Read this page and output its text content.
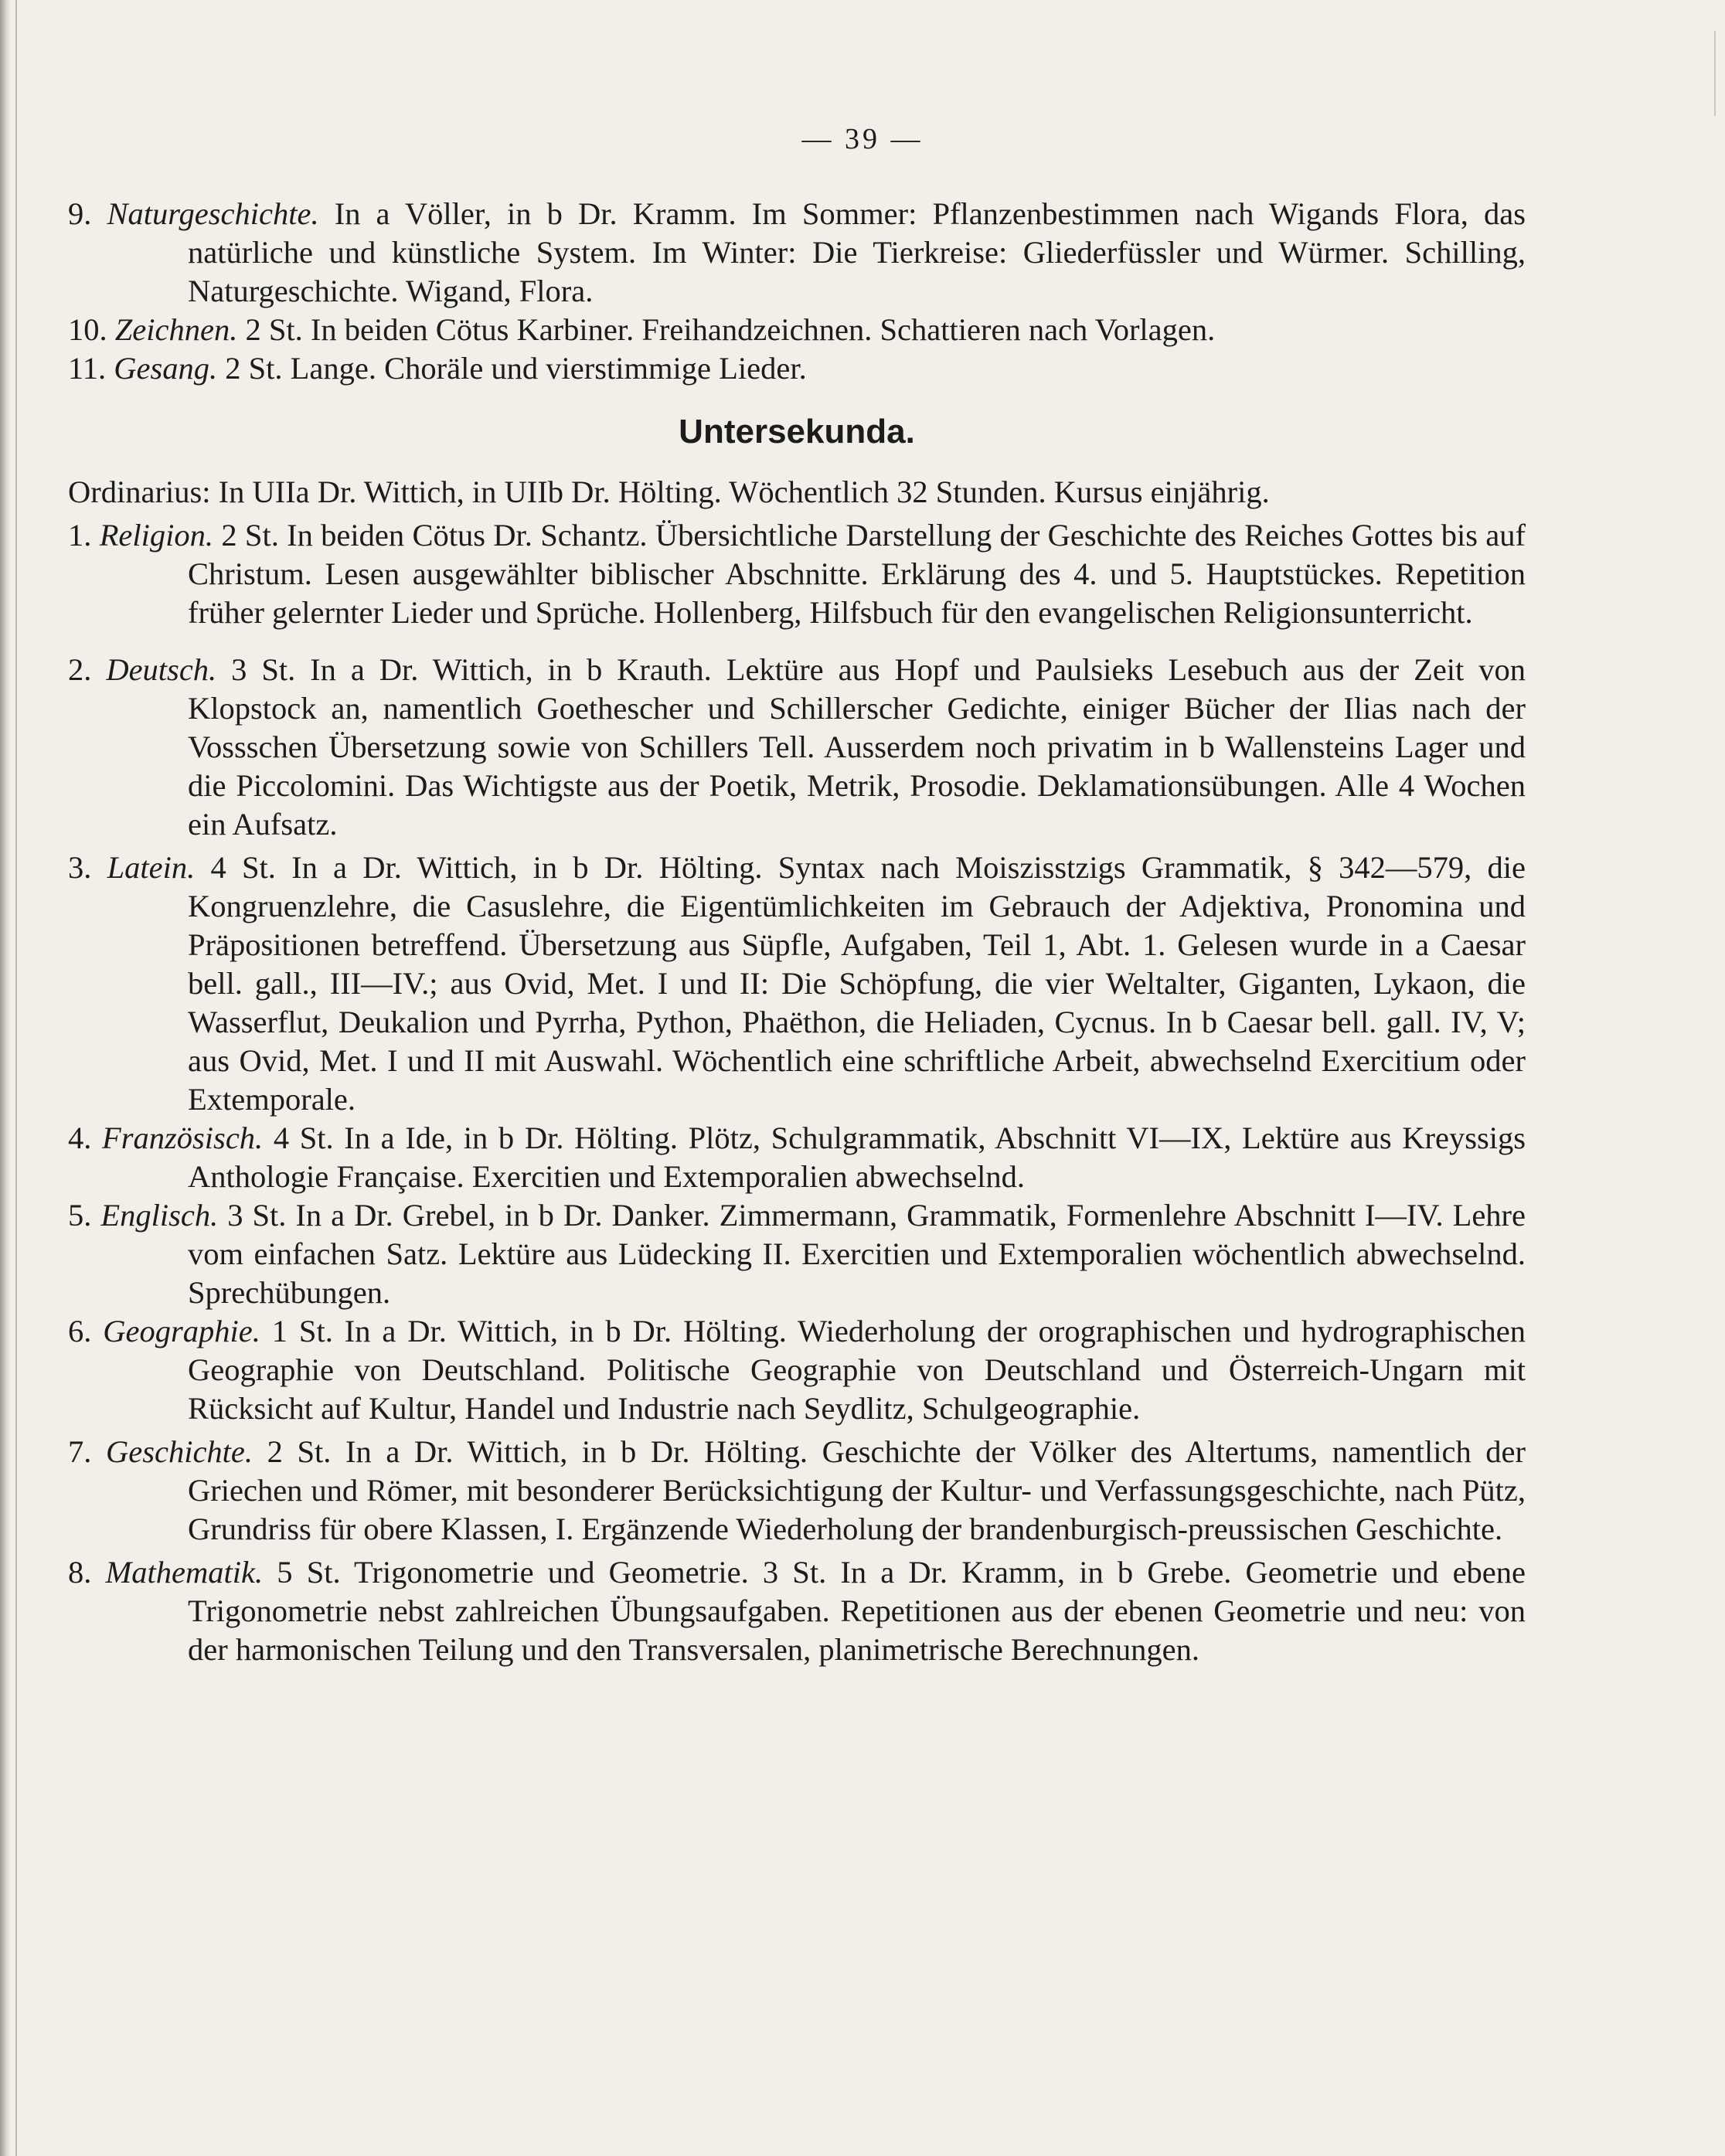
— 39 —

9. Naturgeschichte. In a Völler, in b Dr. Kramm. Im Sommer: Pflanzenbestimmen nach Wigands Flora, das natürliche und künstliche System. Im Winter: Die Tierkreise: Gliederfüssler und Würmer. Schilling, Naturgeschichte. Wigand, Flora.

10. Zeichnen. 2 St. In beiden Cötus Karbiner. Freihandzeichnen. Schattieren nach Vorlagen.

11. Gesang. 2 St. Lange. Choräle und vierstimmige Lieder.

Untersekunda.

Ordinarius: In UIIa Dr. Wittich, in UIIb Dr. Hölting. Wöchentlich 32 Stunden. Kursus einjährig.

1. Religion. 2 St. In beiden Cötus Dr. Schantz. Übersichtliche Darstellung der Geschichte des Reiches Gottes bis auf Christum. Lesen ausgewählter biblischer Abschnitte. Erklärung des 4. und 5. Hauptstückes. Repetition früher gelernter Lieder und Sprüche. Hollenberg, Hilfsbuch für den evangelischen Religionsunterricht.

2. Deutsch. 3 St. In a Dr. Wittich, in b Krauth. Lektüre aus Hopf und Paulsieks Lesebuch aus der Zeit von Klopstock an, namentlich Goethescher und Schillerscher Gedichte, einiger Bücher der Ilias nach der Vossschen Übersetzung sowie von Schillers Tell. Ausserdem noch privatim in b Wallensteins Lager und die Piccolomini. Das Wichtigste aus der Poetik, Metrik, Prosodie. Deklamationsübungen. Alle 4 Wochen ein Aufsatz.

3. Latein. 4 St. In a Dr. Wittich, in b Dr. Hölting. Syntax nach Moiszisstzigs Grammatik, § 342—579, die Kongruenzlehre, die Casuslehre, die Eigentümlichkeiten im Gebrauch der Adjektiva, Pronomina und Präpositionen betreffend. Übersetzung aus Süpfle, Aufgaben, Teil 1, Abt. 1. Gelesen wurde in a Caesar bell. gall., III—IV.; aus Ovid, Met. I und II: Die Schöpfung, die vier Weltalter, Giganten, Lykaon, die Wasserflut, Deukalion und Pyrrha, Python, Phaëthon, die Heliaden, Cycnus. In b Caesar bell. gall. IV, V; aus Ovid, Met. I und II mit Auswahl. Wöchentlich eine schriftliche Arbeit, abwechselnd Exercitium oder Extemporale.

4. Französisch. 4 St. In a Ide, in b Dr. Hölting. Plötz, Schulgrammatik, Abschnitt VI—IX, Lektüre aus Kreyssigs Anthologie Française. Exercitien und Extemporalien abwechselnd.

5. Englisch. 3 St. In a Dr. Grebel, in b Dr. Danker. Zimmermann, Grammatik, Formenlehre Abschnitt I—IV. Lehre vom einfachen Satz. Lektüre aus Lüdecking II. Exercitien und Extemporalien wöchentlich abwechselnd. Sprechübungen.

6. Geographie. 1 St. In a Dr. Wittich, in b Dr. Hölting. Wiederholung der orographischen und hydrographischen Geographie von Deutschland. Politische Geographie von Deutschland und Österreich-Ungarn mit Rücksicht auf Kultur, Handel und Industrie nach Seydlitz, Schulgeographie.

7. Geschichte. 2 St. In a Dr. Wittich, in b Dr. Hölting. Geschichte der Völker des Altertums, namentlich der Griechen und Römer, mit besonderer Berücksichtigung der Kultur- und Verfassungsgeschichte, nach Pütz, Grundriss für obere Klassen, I. Ergänzende Wiederholung der brandenburgisch-preussischen Geschichte.

8. Mathematik. 5 St. Trigonometrie und Geometrie. 3 St. In a Dr. Kramm, in b Grebe. Geometrie und ebene Trigonometrie nebst zahlreichen Übungsaufgaben. Repetitionen aus der ebenen Geometrie und neu: von der harmonischen Teilung und den Transversalen, planimetrische Berechnungen.
